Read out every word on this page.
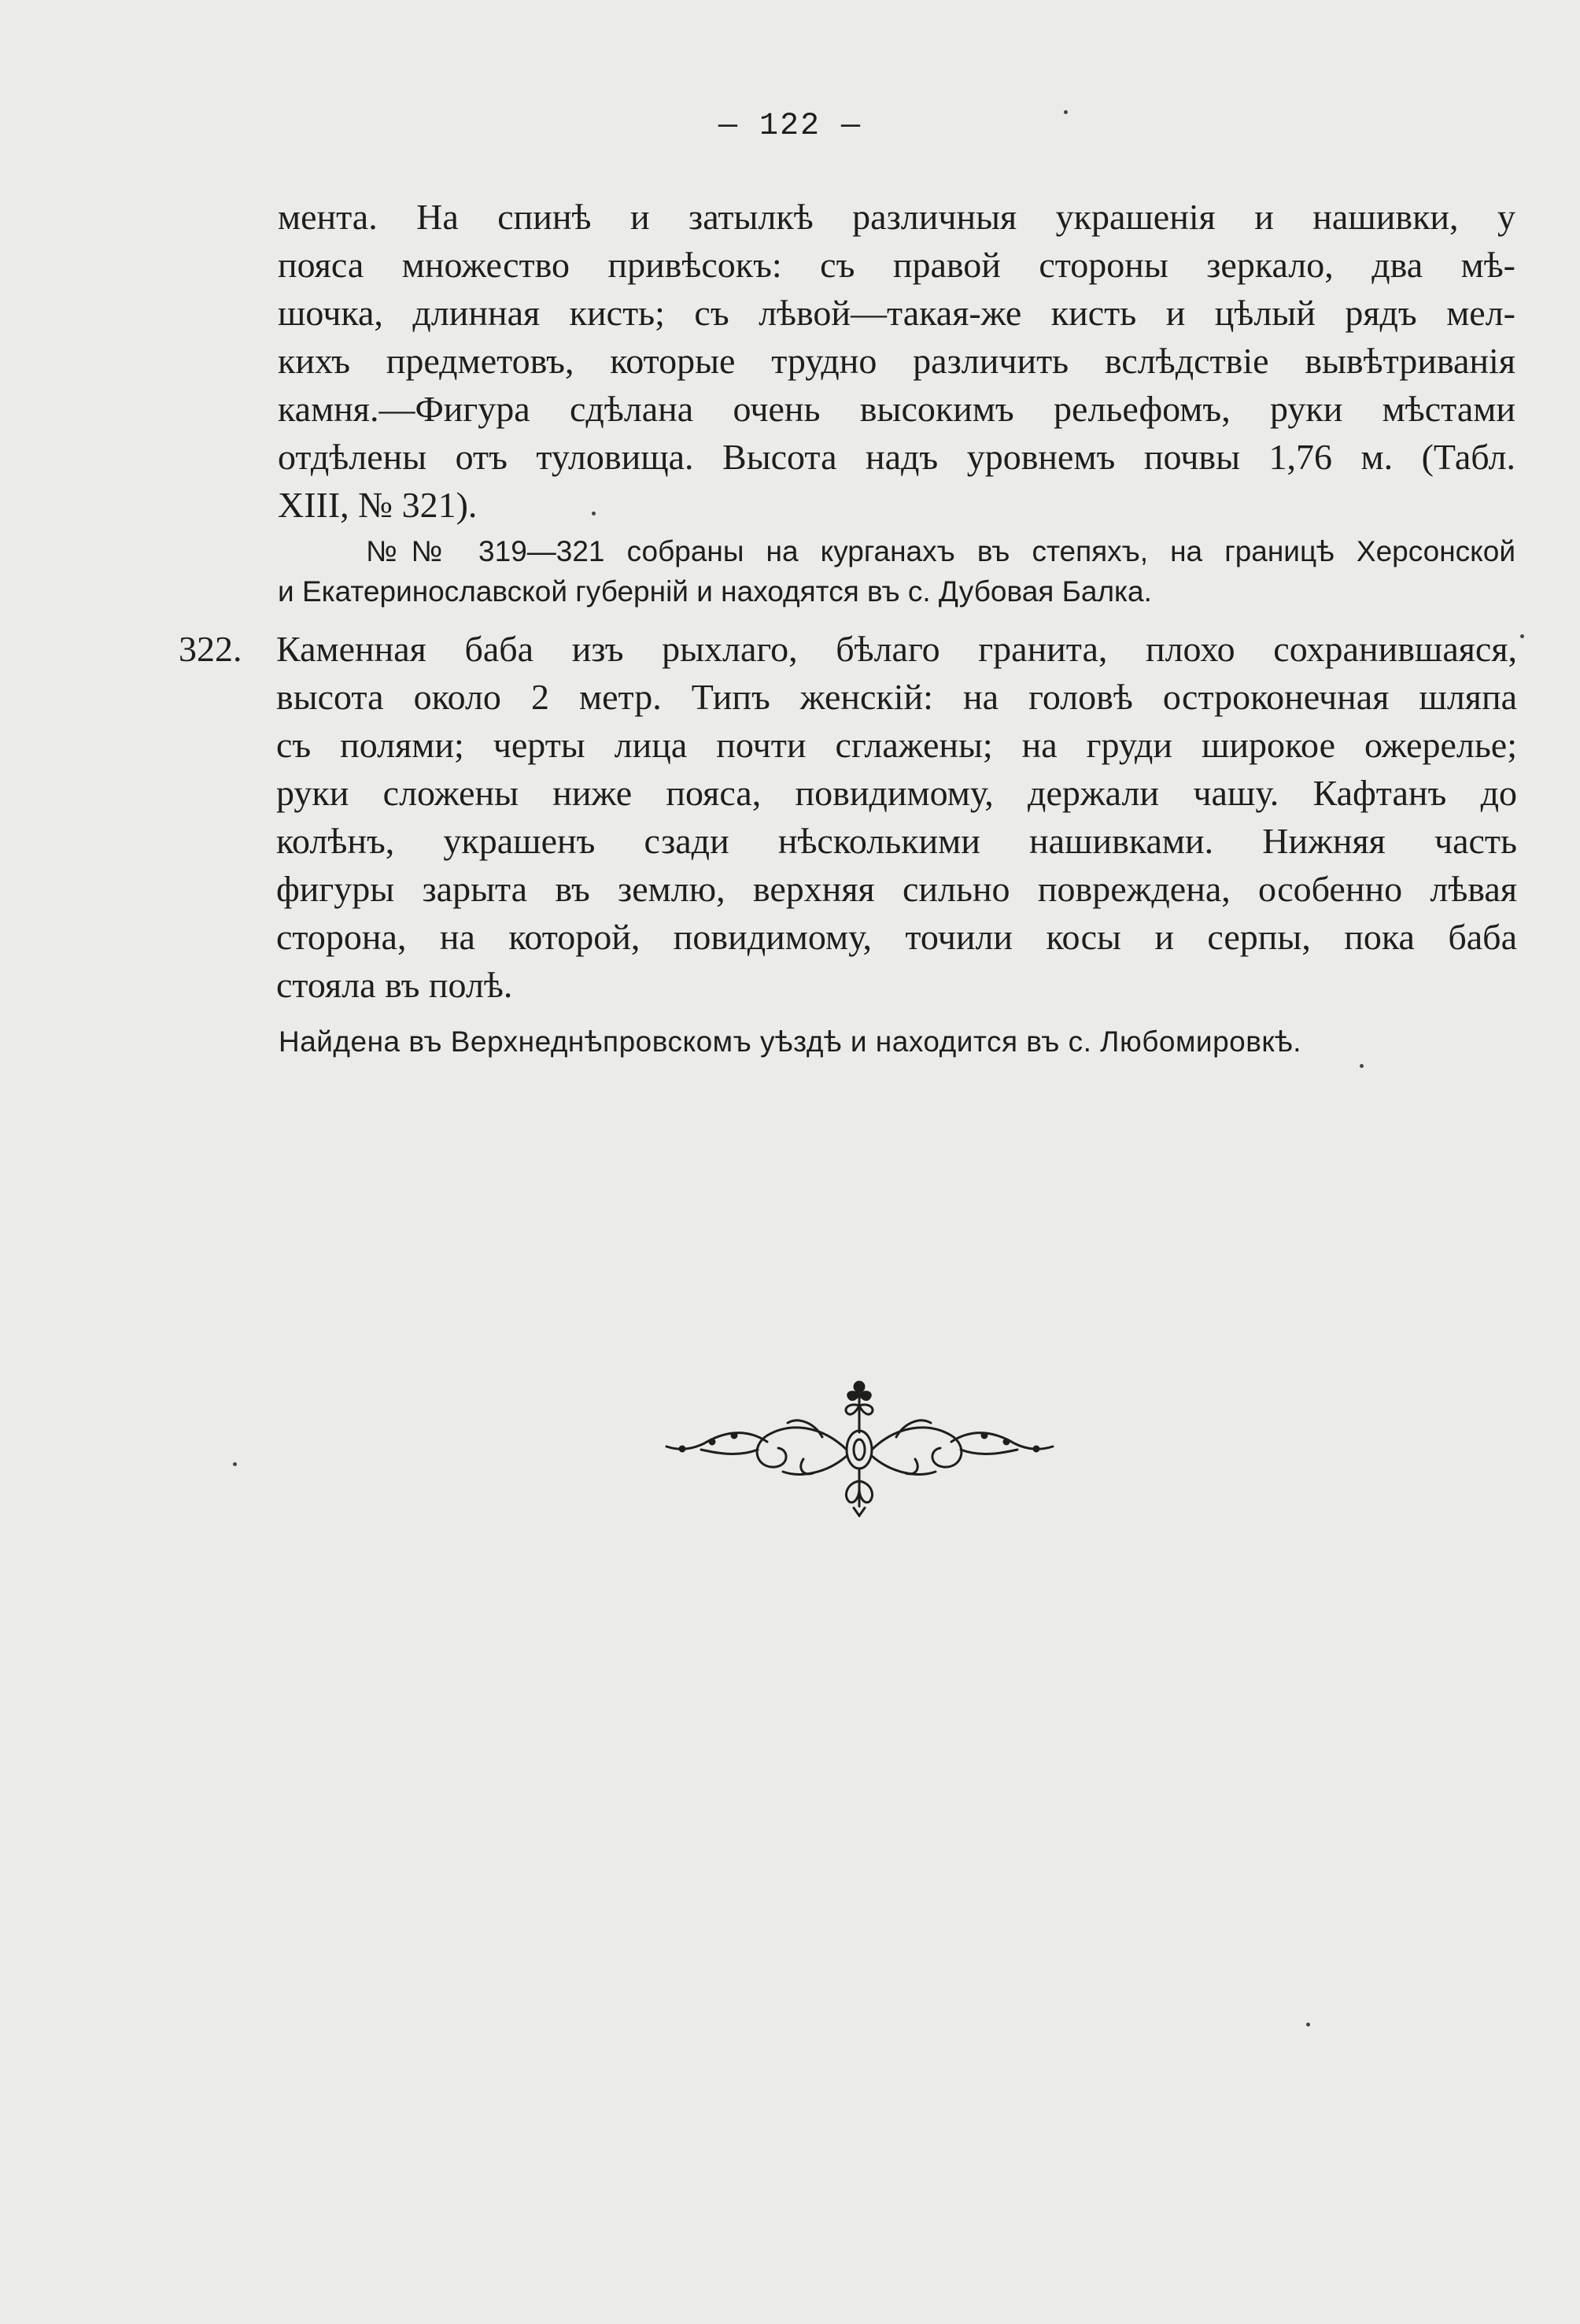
— 122 —
мента. На спинѣ и затылкѣ различныя украшенія и нашивки, у
пояса множество привѣсокъ: съ правой стороны зеркало, два мѣ-
шочка, длинная кисть; съ лѣвой—такая-же кисть и цѣлый рядъ мел-
кихъ предметовъ, которые трудно различить вслѣдствіе вывѣтриванія
камня.—Фигура сдѣлана очень высокимъ рельефомъ, руки мѣстами
отдѣлены отъ туловища. Высота надъ уровнемъ почвы 1,76 м. (Табл.
XIII, № 321).
№№ 319—321 собраны на курганахъ въ степяхъ, на границѣ Херсонской
и Екатеринославской губерній и находятся въ с. Дубовая Балка.
322. Каменная баба изъ рыхлаго, бѣлаго гранита, плохо сохранившаяся,
высота около 2 метр. Типъ женскій: на головѣ остроконечная шляпа
съ полями; черты лица почти сглажены; на груди широкое ожерелье;
руки сложены ниже пояса, повидимому, держали чашу. Кафтанъ до
колѣнъ, украшенъ сзади нѣсколькими нашивками. Нижняя часть
фигуры зарыта въ землю, верхняя сильно повреждена, особенно лѣвая
сторона, на которой, повидимому, точили косы и серпы, пока баба
стояла въ полѣ.
Найдена въ Верхнеднѣпровскомъ уѣздѣ и находится въ с. Любомировкѣ.
